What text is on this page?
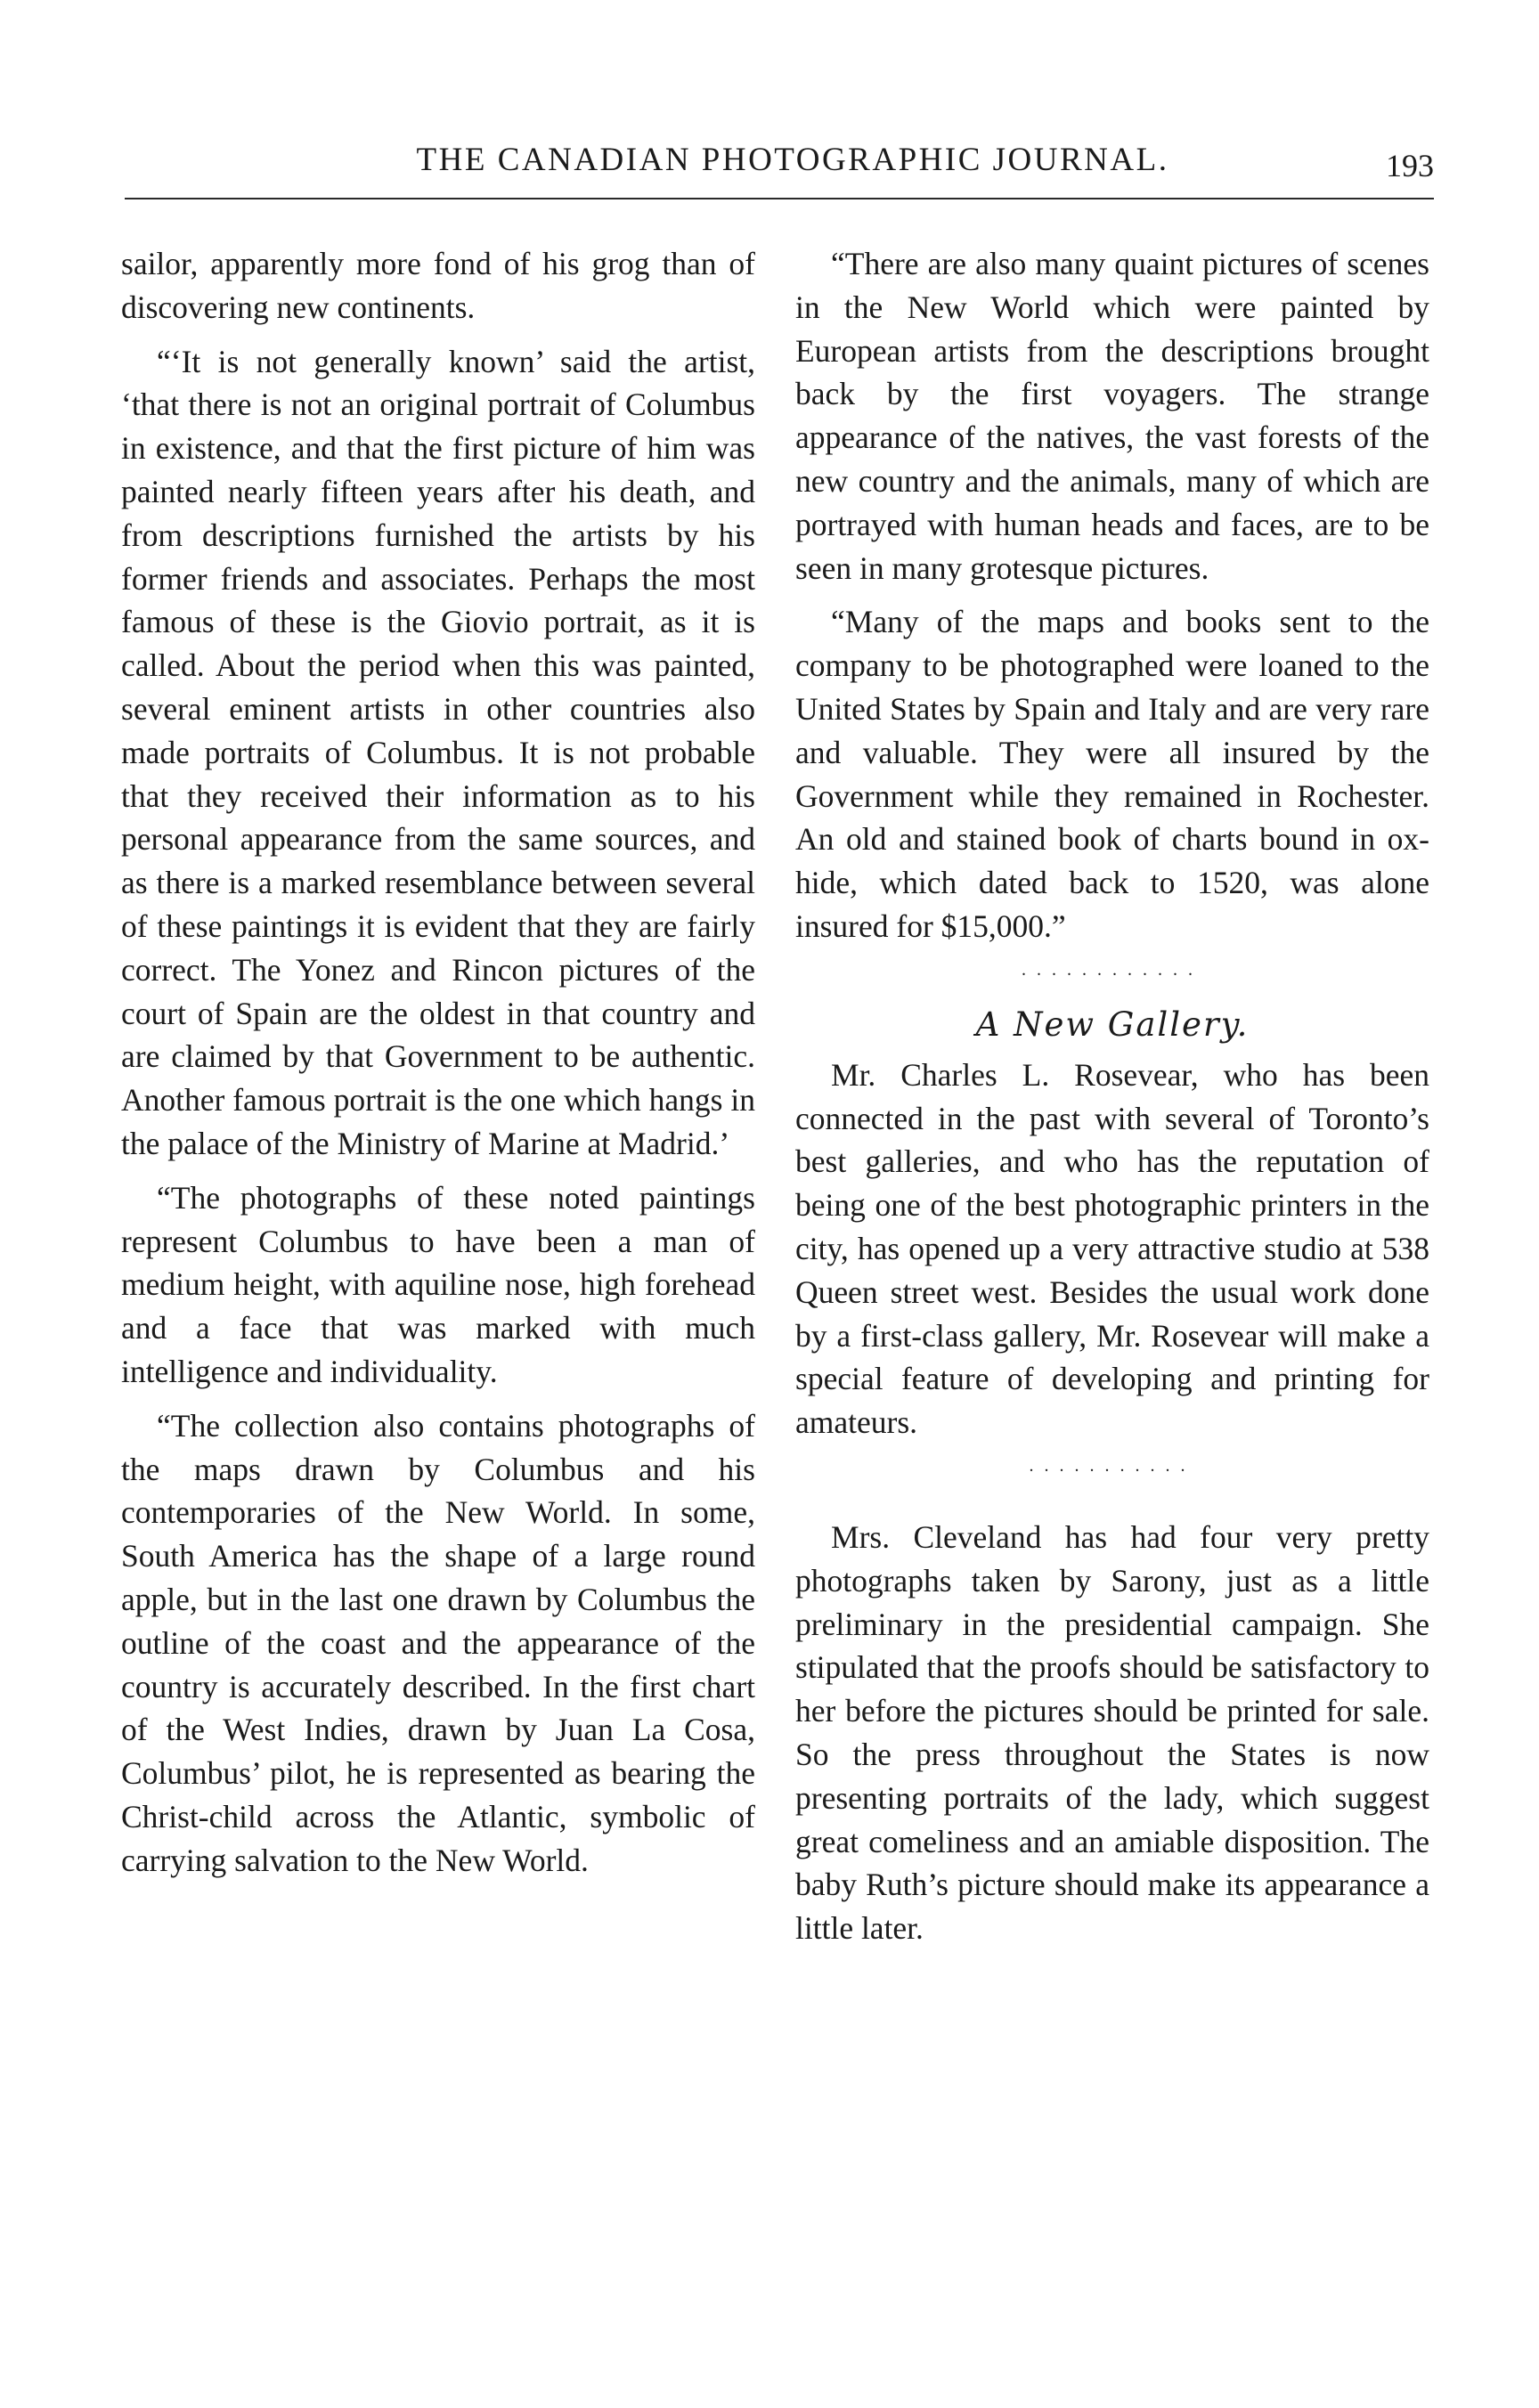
THE CANADIAN PHOTOGRAPHIC JOURNAL.	193

sailor, apparently more fond of his grog than of discovering new continents.

“‘It is not generally known’ said the artist, ‘that there is not an original portrait of Columbus in existence, and that the first picture of him was painted nearly fifteen years after his death, and from descriptions furnished the artists by his former friends and associates. Perhaps the most famous of these is the Giovio portrait, as it is called. About the period when this was painted, several eminent artists in other countries also made portraits of Columbus. It is not probable that they received their information as to his personal appearance from the same sources, and as there is a marked resemblance between several of these paintings it is evident that they are fairly correct. The Yonez and Rincon pictures of the court of Spain are the oldest in that country and are claimed by that Government to be authentic. Another famous portrait is the one which hangs in the palace of the Ministry of Marine at Madrid.’

“The photographs of these noted paintings represent Columbus to have been a man of medium height, with aquiline nose, high forehead and a face that was marked with much intelligence and individuality.

“The collection also contains photographs of the maps drawn by Columbus and his contemporaries of the New World. In some, South America has the shape of a large round apple, but in the last one drawn by Columbus the outline of the coast and the appearance of the country is accurately described. In the first chart of the West Indies, drawn by Juan La Cosa, Columbus’ pilot, he is represented as bearing the Christ-child across the Atlantic, symbolic of carrying salvation to the New World.

“There are also many quaint pictures of scenes in the New World which were painted by European artists from the descriptions brought back by the first voyagers. The strange appearance of the natives, the vast forests of the new country and the animals, many of which are portrayed with human heads and faces, are to be seen in many grotesque pictures.

“Many of the maps and books sent to the company to be photographed were loaned to the United States by Spain and Italy and are very rare and valuable. They were all insured by the Government while they remained in Rochester. An old and stained book of charts bound in ox-hide, which dated back to 1520, was alone insured for $15,000.”

............
A New Gallery.

Mr. Charles L. Rosevear, who has been connected in the past with several of Toronto’s best galleries, and who has the reputation of being one of the best photographic printers in the city, has opened up a very attractive studio at 538 Queen street west. Besides the usual work done by a first-class gallery, Mr. Rosevear will make a special feature of developing and printing for amateurs.

...........

Mrs. Cleveland has had four very pretty photographs taken by Sarony, just as a little preliminary in the presidential campaign. She stipulated that the proofs should be satisfactory to her before the pictures should be printed for sale. So the press throughout the States is now presenting portraits of the lady, which suggest great comeliness and an amiable disposition. The baby Ruth’s picture should make its appearance a little later.
